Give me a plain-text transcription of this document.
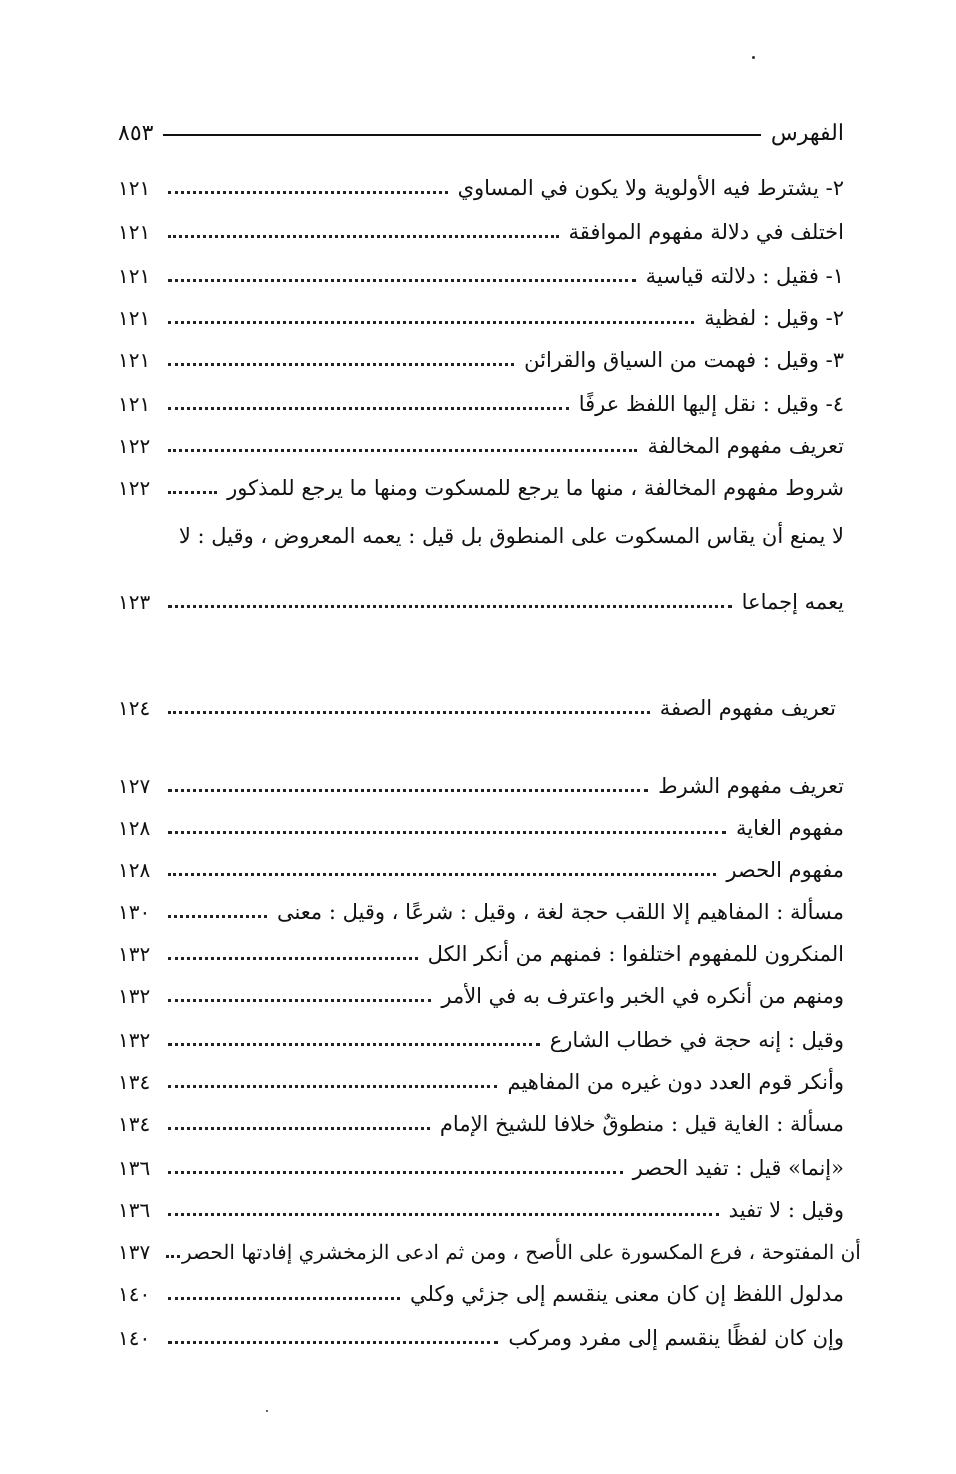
٨٥٣	الفهرس
١٢١	٢- يشترط فيه الأولوية ولا يكون في المساوي
١٢١	اختلف في دلالة مفهوم الموافقة
١٢١	١- فقيل : دلالته قياسية
١٢١	٢- وقيل : لفظية
١٢١	٣- وقيل : فهمت من السياق والقرائن
١٢١	٤- وقيل : نقل إليها اللفظ عرفًا
١٢٢	تعريف مفهوم المخالفة
١٢٢	شروط مفهوم المخالفة ، منها ما يرجع للمسكوت ومنها ما يرجع للمذكور
لا يمنع أن يقاس المسكوت على المنطوق بل قيل : يعمه المعروض ، وقيل : لا
١٢٣	يعمه إجماعا
١٢٤	تعريف مفهوم الصفة
١٢٧	تعريف مفهوم الشرط
١٢٨	مفهوم الغاية
١٢٨	مفهوم الحصر
١٣٠	مسألة : المفاهيم إلا اللقب حجة لغة ، وقيل : شرعًا ، وقيل : معنى
١٣٢	المنكرون للمفهوم اختلفوا : فمنهم من أنكر الكل
١٣٢	ومنهم من أنكره في الخبر واعترف به في الأمر
١٣٢	وقيل : إنه حجة في خطاب الشارع
١٣٤	وأنكر قوم العدد دون غيره من المفاهيم
١٣٤	مسألة : الغاية قيل : منطوقٌ خلافا للشيخ الإمام
١٣٦	«إنما» قيل : تفيد الحصر
١٣٦	وقيل : لا تفيد
١٣٧	أن المفتوحة ، فرع المكسورة على الأصح ، ومن ثم ادعى الزمخشري إفادتها الحصر
١٤٠	مدلول اللفظ إن كان معنى ينقسم إلى جزئي وكلي
١٤٠	وإن كان لفظًا ينقسم إلى مفرد ومركب
